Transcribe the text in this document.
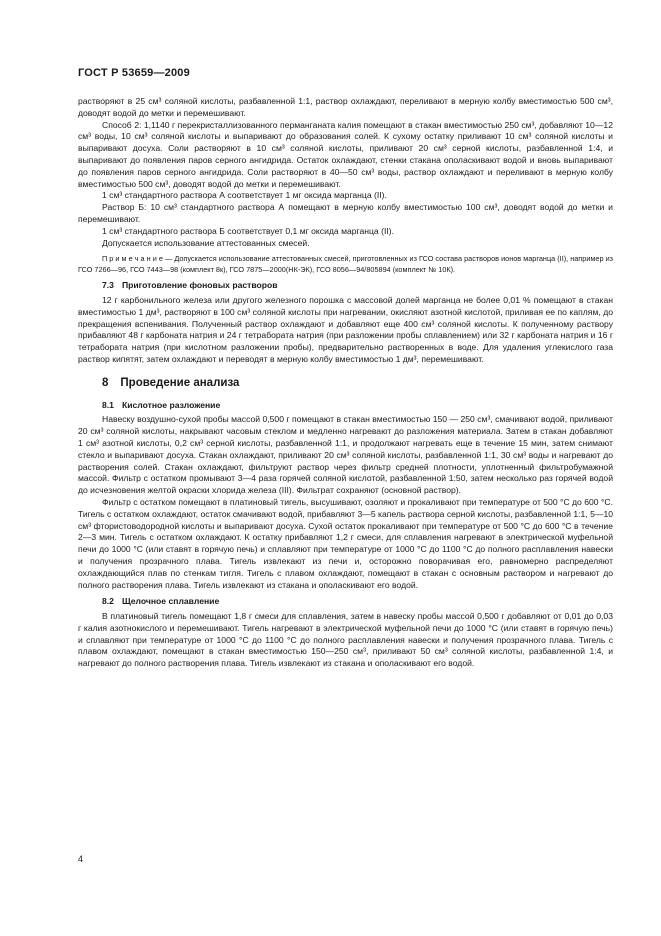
ГОСТ Р 53659—2009

растворяют в 25 см³ соляной кислоты, разбавленной 1:1, раствор охлаждают, переливают в мерную колбу вместимостью 500 см³, доводят водой до метки и перемешивают.

Способ 2: 1,1140 г перекристаллизованного перманганата калия помещают в стакан вместимостью 250 см³, добавляют 10—12 см³ воды, 10 см³ соляной кислоты и выпаривают до образования солей. К сухому остатку приливают 10 см³ соляной кислоты и выпаривают досуха. Соли растворяют в 10 см³ соляной кислоты, приливают 20 см³ серной кислоты, разбавленной 1:4, и выпаривают до появления паров серного ангидрида. Остаток охлаждают, стенки стакана ополаскивают водой и вновь выпаривают до появления паров серного ангидрида. Соли растворяют в 40—50 см³ воды, раствор охлаждают и переливают в мерную колбу вместимостью 500 см³, доводят водой до метки и перемешивают.

1 см³ стандартного раствора А соответствует 1 мг оксида марганца (II).

Раствор Б: 10 см³ стандартного раствора А помещают в мерную колбу вместимостью 100 см³, доводят водой до метки и перемешивают.

1 см³ стандартного раствора Б соответствует 0,1 мг оксида марганца (II).

Допускается использование аттестованных смесей.

П р и м е ч а н и е — Допускается использование аттестованных смесей, приготовленных из ГСО состава растворов ионов марганца (II), например из ГСО 7266—96, ГСО 7443—98 (комплект 8к), ГСО 7875—2000(НК-ЭК), ГСО 8056—94/805894 (комплект № 10К).

7.3 Приготовление фоновых растворов

12 г карбонильного железа или другого железного порошка с массовой долей марганца не более 0,01 % помещают в стакан вместимостью 1 дм³, растворяют в 100 см³ соляной кислоты при нагревании, окисляют азотной кислотой, приливая ее по каплям, до прекращения вспенивания. Полученный раствор охлаждают и добавляют еще 400 см³ соляной кислоты. К полученному раствору прибавляют 48 г карбоната натрия и 24 г тетрабората натрия (при разложении пробы сплавлением) или 32 г карбоната натрия и 16 г тетрабората натрия (при кислотном разложении пробы), предварительно растворенных в воде. Для удаления углекислого газа раствор кипятят, затем охлаждают и переводят в мерную колбу вместимостью 1 дм³, перемешивают.

8 Проведение анализа

8.1 Кислотное разложение

Навеску воздушно-сухой пробы массой 0,500 г помещают в стакан вместимостью 150 — 250 см³, смачивают водой, приливают 20 см³ соляной кислоты, накрывают часовым стеклом и медленно нагревают до разложения материала. Затем в стакан добавляют 1 см³ азотной кислоты, 0,2 см³ серной кислоты, разбавленной 1:1, и продолжают нагревать еще в течение 15 мин, затем снимают стекло и выпаривают досуха. Стакан охлаждают, приливают 20 см³ соляной кислоты, разбавленной 1:1, 30 см³ воды и нагревают до растворения солей. Стакан охлаждают, фильтруют раствор через фильтр средней плотности, уплотненный фильтробумажной массой. Фильтр с остатком промывают 3—4 раза горячей соляной кислотой, разбавленной 1:50, затем несколько раз горячей водой до исчезновения желтой окраски хлорида железа (III). Фильтрат сохраняют (основной раствор).

Фильтр с остатком помещают в платиновый тигель, высушивают, озоляют и прокаливают при температуре от 500 °С до 600 °С. Тигель с остатком охлаждают, остаток смачивают водой, прибавляют 3—5 капель раствора серной кислоты, разбавленной 1:1, 5—10 см³ фтористоводородной кислоты и выпаривают досуха. Сухой остаток прокаливают при температуре от 500 °С до 600 °С в течение 2—3 мин. Тигель с остатком охлаждают. К остатку прибавляют 1,2 г смеси, для сплавления нагревают в электрической муфельной печи до 1000 °С (или ставят в горячую печь) и сплавляют при температуре от 1000 °С до 1100 °С до полного расплавления навески и получения прозрачного плава. Тигель извлекают из печи и, осторожно поворачивая его, равномерно распределяют охлаждающийся плав по стенкам тигля. Тигель с плавом охлаждают, помещают в стакан с основным раствором и нагревают до полного растворения плава. Тигель извлекают из стакана и ополаскивают его водой.

8.2 Щелочное сплавление

В платиновый тигель помещают 1,8 г смеси для сплавления, затем в навеску пробы массой 0,500 г добавляют от 0,01 до 0,03 г калия азотнокислого и перемешивают. Тигель нагревают в электрической муфельной печи до 1000 °С (или ставят в горячую печь) и сплавляют при температуре от 1000 °С до 1100 °С до полного расплавления навески и получения прозрачного плава. Тигель с плавом охлаждают, помещают в стакан вместимостью 150—250 см³, приливают 50 см³ соляной кислоты, разбавленной 1:4, и нагревают до полного растворения плава. Тигель извлекают из стакана и ополаскивают его водой.

4
